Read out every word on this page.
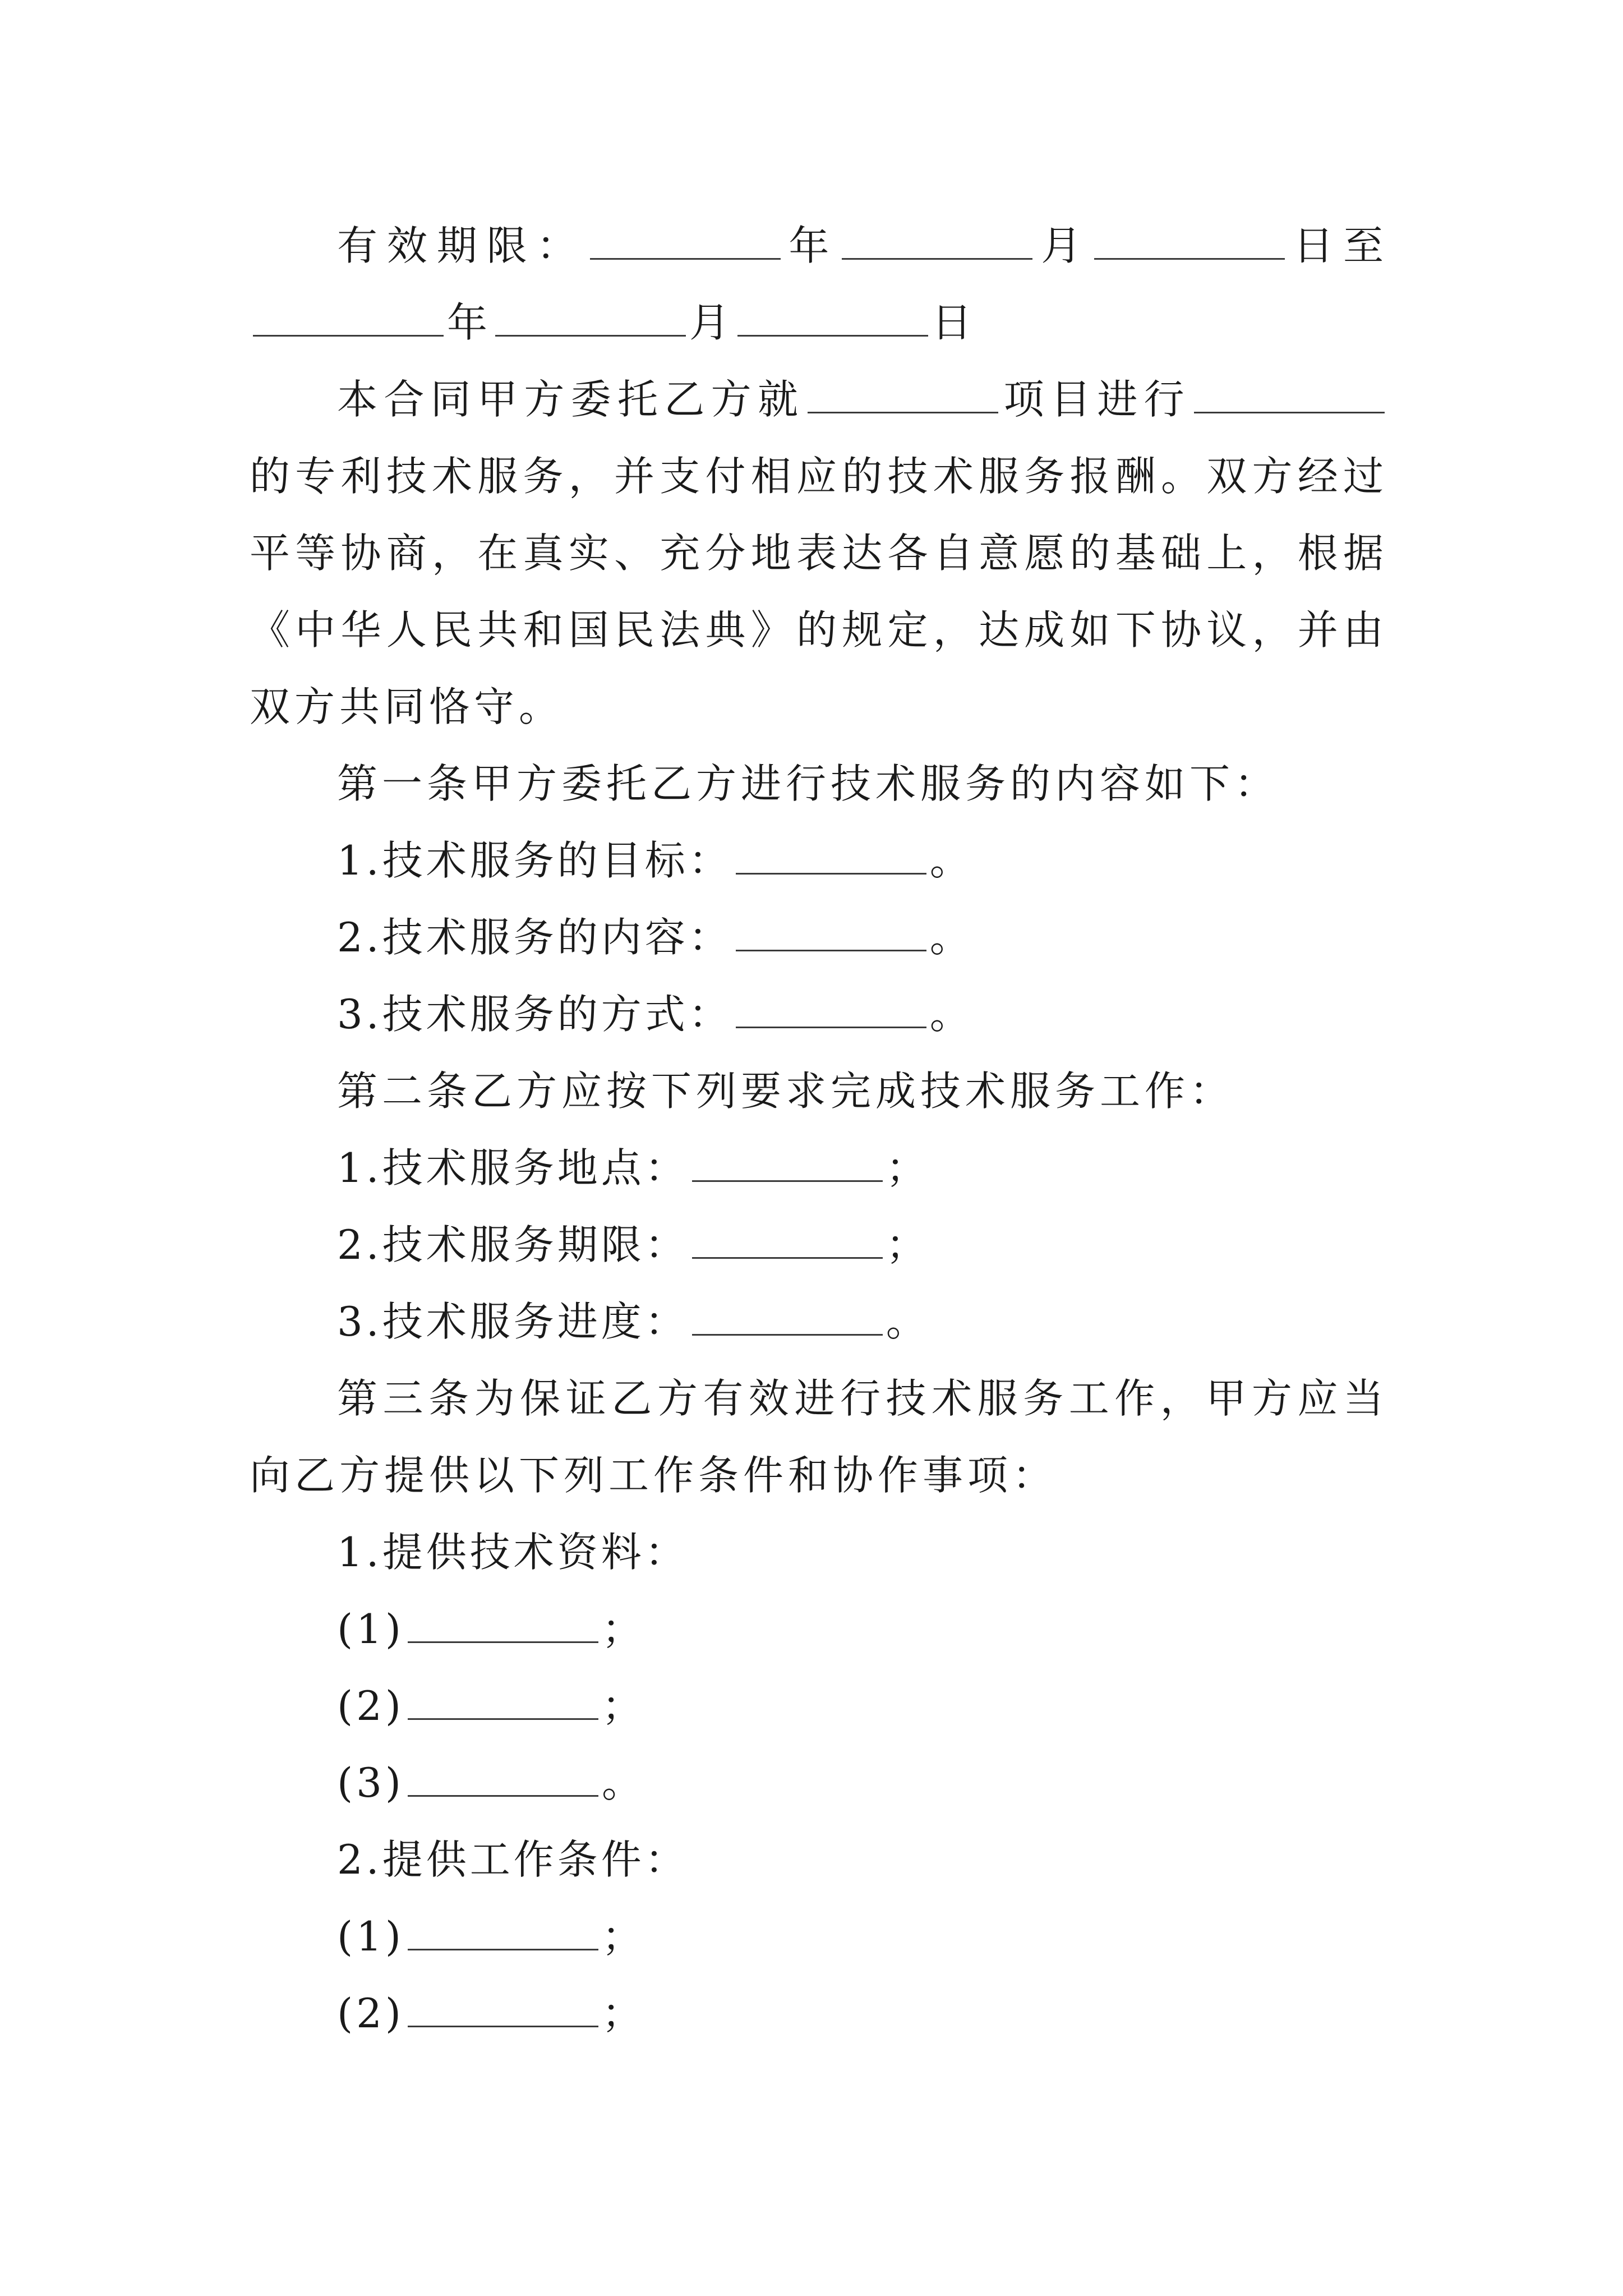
有效期限：	年	月	日至年	月	日

本合同甲方委托乙方就	项目进行的专利技术服务，并支付相应的技术服务报酬。双方经过平等协商，在真实、充分地表达各自意愿的基础上，根据《中华人民共和国民法典》的规定，达成如下协议，并由双方共同恪守。

第一条甲方委托乙方进行技术服务的内容如下：

1.技术服务的目标：	。

2.技术服务的内容：	。

3.技术服务的方式：	。

第二条乙方应按下列要求完成技术服务工作：

1.技术服务地点：	；

2.技术服务期限：	；

3.技术服务进度：	。

第三条为保证乙方有效进行技术服务工作，甲方应当向乙方提供以下列工作条件和协作事项：

1.提供技术资料：

(1)	；

(2)	；

(3)	。

2.提供工作条件：

(1)	；

(2)	；
